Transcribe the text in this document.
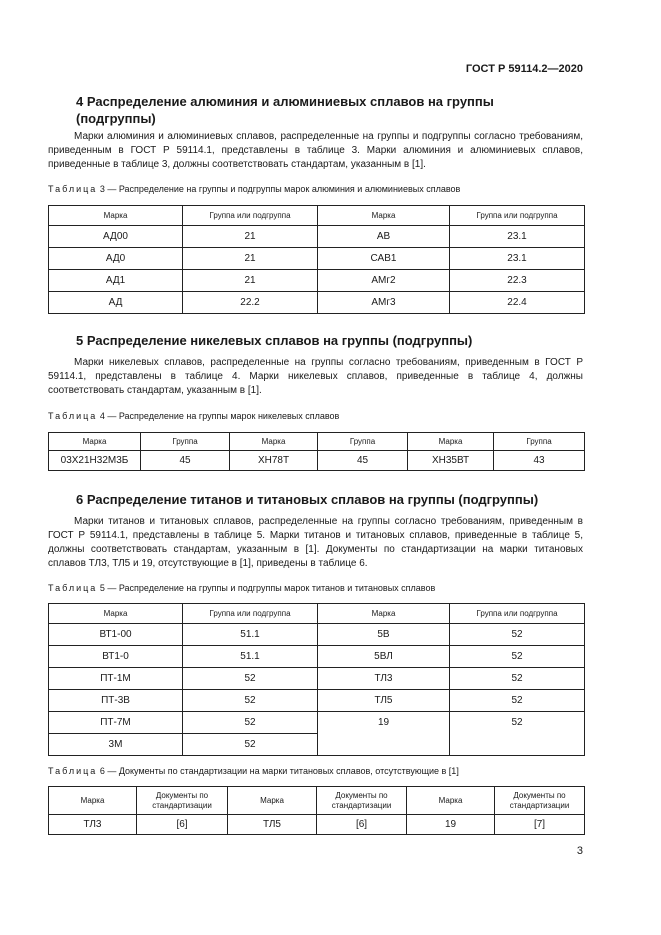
ГОСТ Р 59114.2—2020
4 Распределение алюминия и алюминиевых сплавов на группы
(подгруппы)

Марки алюминия и алюминиевых сплавов, распределенные на группы и подгруппы согласно требованиям, приведенным в ГОСТ Р 59114.1, представлены в таблице 3. Марки алюминия и алюминиевых сплавов, приведенные в таблице 3, должны соответствовать стандартам, указанным в [1].

Таблица 3 — Распределение на группы и подгруппы марок алюминия и алюминиевых сплавов
Марка	Группа или подгруппа	Марка	Группа или подгруппа
АД00	21	АВ	23.1
АД0	21	САВ1	23.1
АД1	21	АМг2	22.3
АД	22.2	АМг3	22.4
5 Распределение никелевых сплавов на группы (подгруппы)

Марки никелевых сплавов, распределенные на группы согласно требованиям, приведенным в ГОСТ Р 59114.1, представлены в таблице 4. Марки никелевых сплавов, приведенные в таблице 4, должны соответствовать стандартам, указанным в [1].

Таблица 4 — Распределение на группы марок никелевых сплавов
Марка	Группа	Марка	Группа	Марка	Группа
03Х21Н32М3Б	45	ХН78Т	45	ХН35ВТ	43
6 Распределение титанов и титановых сплавов на группы (подгруппы)

Марки титанов и титановых сплавов, распределенные на группы согласно требованиям, приведенным в ГОСТ Р 59114.1, представлены в таблице 5. Марки титанов и титановых сплавов, приведенные в таблице 5, должны соответствовать стандартам, указанным в [1]. Документы по стандартизации на марки титановых сплавов ТЛ3, ТЛ5 и 19, отсутствующие в [1], приведены в таблице 6.

Таблица 5 — Распределение на группы и подгруппы марок титанов и титановых сплавов
Марка	Группа или подгруппа	Марка	Группа или подгруппа
ВТ1-00	51.1	5В	52
ВТ1-0	51.1	5ВЛ	52
ПТ-1М	52	ТЛ3	52
ПТ-3В	52	ТЛ5	52
ПТ-7М	52	19	52
3М	52		
Таблица 6 — Документы по стандартизации на марки титановых сплавов, отсутствующие в [1]
Марка	Документы по стандартизации	Марка	Документы по стандартизации	Марка	Документы по стандартизации
ТЛ3	[6]	ТЛ5	[6]	19	[7]
3
